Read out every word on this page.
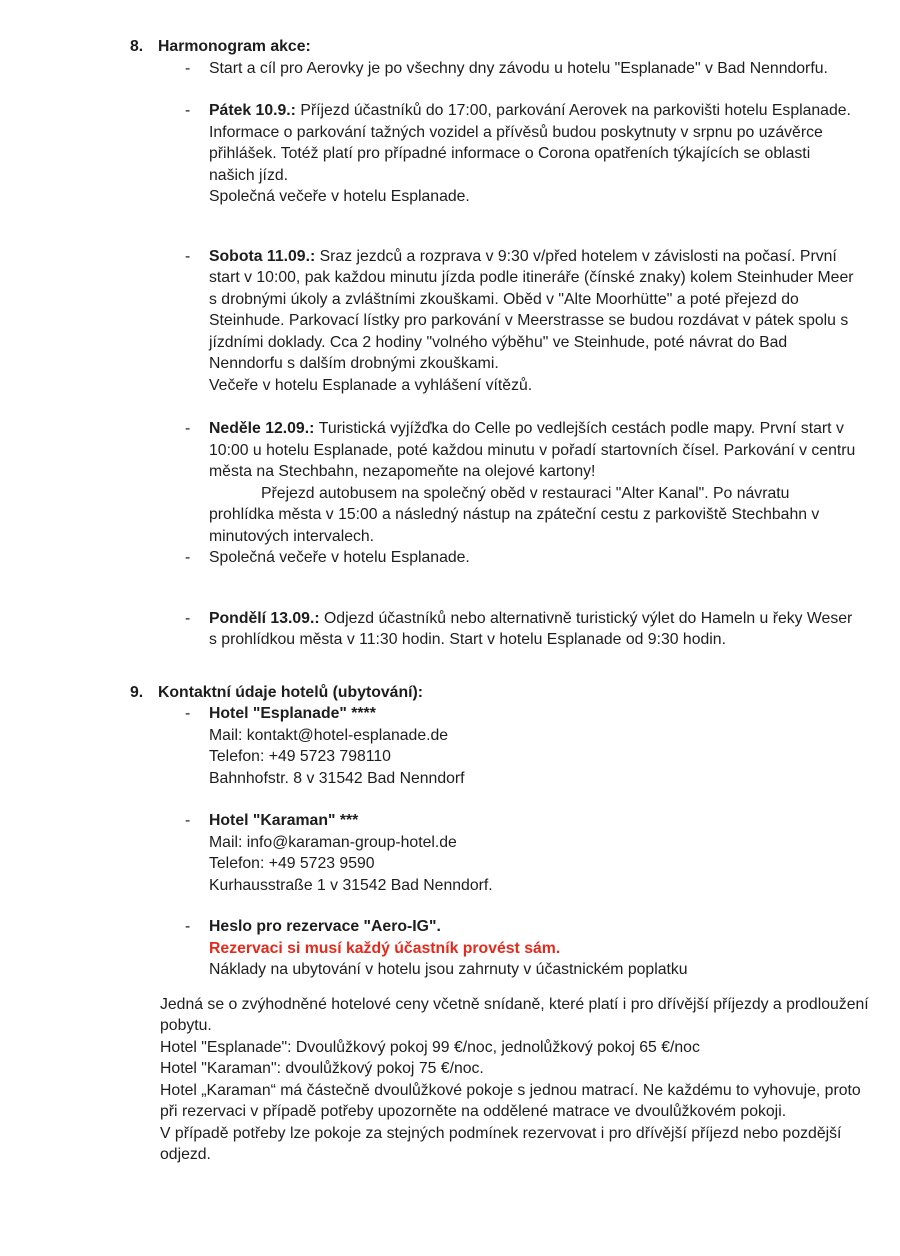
8. Harmonogram akce:
-	Start a cíl pro Aerovky je po všechny dny závodu u hotelu "Esplanade" v Bad Nenndorfu.

-	Pátek 10.9.: Příjezd účastníků do 17:00, parkování Aerovek na parkovišti hotelu Esplanade. Informace o parkování tažných vozidel a přívěsů budou poskytnuty v srpnu po uzávěrce přihlášek. Totéž platí pro případné informace o Corona opatřeních týkajících se oblasti našich jízd.

Společná večeře v hotelu Esplanade.

-	Sobota 11.09.: Sraz jezdců a rozprava v 9:30 v/před hotelem v závislosti na počasí. První start v 10:00, pak každou minutu jízda podle itineráře (čínské znaky) kolem Steinhuder Meer s drobnými úkoly a zvláštními zkouškami. Oběd v "Alte Moorhütte" a poté přejezd do Steinhude. Parkovací lístky pro parkování v Meerstrasse se budou rozdávat v pátek spolu s jízdními doklady. Cca 2 hodiny "volného výběhu" ve Steinhude, poté návrat do Bad Nenndorfu s dalším drobnými zkouškami.

Večeře v hotelu Esplanade a vyhlášení vítězů.

-	Neděle 12.09.: Turistická vyjížďka do Celle po vedlejších cestách podle mapy. První start v 10:00 u hotelu Esplanade, poté každou minutu v pořadí startovních čísel. Parkování v centru města na Stechbahn, nezapomeňte na olejové kartony!

Přejezd autobusem na společný oběd v restauraci "Alter Kanal". Po návratu prohlídka města v 15:00 a následný nástup na zpáteční cestu z parkoviště Stechbahn v minutových intervalech.

-	Společná večeře v hotelu Esplanade.

-	Pondělí 13.09.: Odjezd účastníků nebo alternativně turistický výlet do Hameln u řeky Weser s prohlídkou města v 11:30 hodin. Start v hotelu Esplanade od 9:30 hodin.

9. Kontaktní údaje hotelů (ubytování):
-	Hotel "Esplanade" ****

Mail: kontakt@hotel-esplanade.de

Telefon: +49 5723 798110

Bahnhofstr. 8 v 31542 Bad Nenndorf

-	Hotel "Karaman" ***

Mail: info@karaman-group-hotel.de

Telefon: +49 5723 9590

Kurhausstraße 1 v 31542 Bad Nenndorf.

-	Heslo pro rezervace "Aero-IG".

Rezervaci si musí každý účastník provést sám.

Náklady na ubytování v hotelu jsou zahrnuty v účastnickém poplatku

Jedná se o zvýhodněné hotelové ceny včetně snídaně, které platí i pro dřívější příjezdy a prodloužení pobytu.

Hotel "Esplanade": Dvoulůžkový pokoj 99 €/noc, jednolůžkový pokoj 65 €/noc

Hotel "Karaman": dvoulůžkový pokoj 75 €/noc.

Hotel „Karaman“ má částečně dvoulůžkové pokoje s jednou matrací. Ne každému to vyhovuje, proto při rezervaci v případě potřeby upozorněte na oddělené matrace ve dvoulůžkovém pokoji.

V případě potřeby lze pokoje za stejných podmínek rezervovat i pro dřívější příjezd nebo pozdější odjezd.
